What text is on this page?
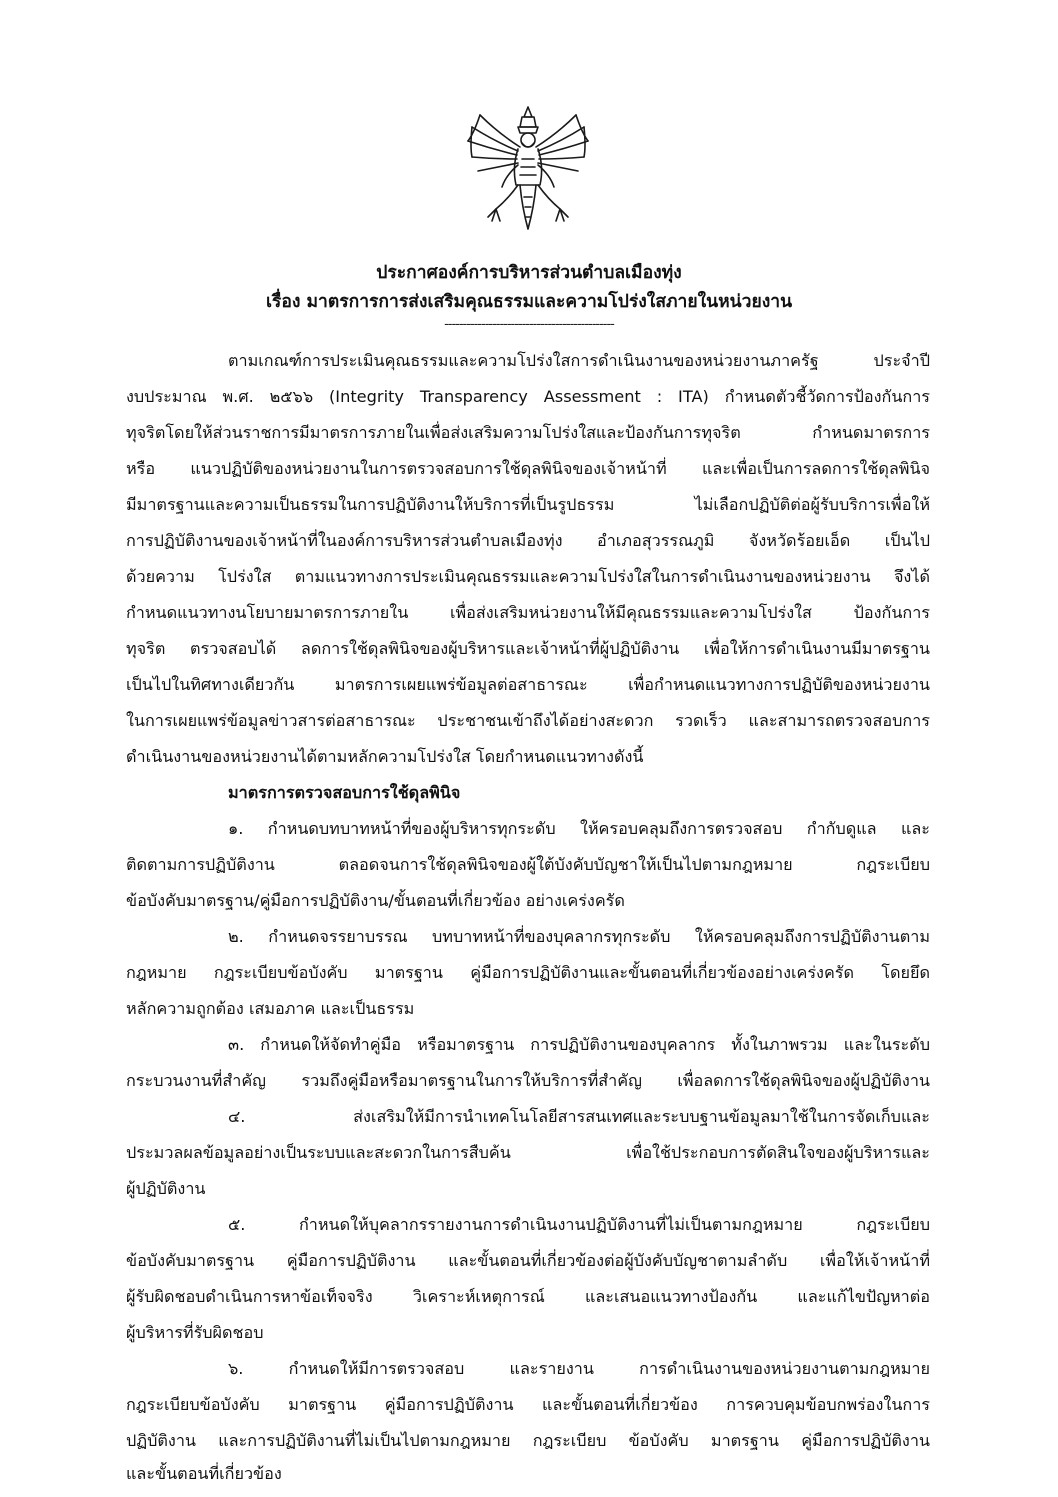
ประกาศองค์การบริหารส่วนตำบลเมืองทุ่ง
เรื่อง มาตรการการส่งเสริมคุณธรรมและความโปร่งใสภายในหน่วยงาน
----------------------------------------------
ตามเกณฑ์การประเมินคุณธรรมและความโปร่งใสการดำเนินงานของหน่วยงานภาครัฐ ประจำปี
งบประมาณ พ.ศ. ๒๕๖๖ (Integrity Transparency Assessment : ITA) กำหนดตัวชี้วัดการป้องกันการ
ทุจริตโดยให้ส่วนราชการมีมาตรการภายในเพื่อส่งเสริมความโปร่งใสและป้องกันการทุจริต กำหนดมาตรการ
หรือ แนวปฏิบัติของหน่วยงานในการตรวจสอบการใช้ดุลพินิจของเจ้าหน้าที่ และเพื่อเป็นการลดการใช้ดุลพินิจ
มีมาตรฐานและความเป็นธรรมในการปฏิบัติงานให้บริการที่เป็นรูปธรรม ไม่เลือกปฏิบัติต่อผู้รับบริการเพื่อให้
การปฏิบัติงานของเจ้าหน้าที่ในองค์การบริหารส่วนตำบลเมืองทุ่ง อำเภอสุวรรณภูมิ จังหวัดร้อยเอ็ด เป็นไป
ด้วยความ โปร่งใส ตามแนวทางการประเมินคุณธรรมและความโปร่งใสในการดำเนินงานของหน่วยงาน จึงได้
กำหนดแนวทางนโยบายมาตรการภายใน เพื่อส่งเสริมหน่วยงานให้มีคุณธรรมและความโปร่งใส ป้องกันการ
ทุจริต ตรวจสอบได้ ลดการใช้ดุลพินิจของผู้บริหารและเจ้าหน้าที่ผู้ปฏิบัติงาน เพื่อให้การดำเนินงานมีมาตรฐาน
เป็นไปในทิศทางเดียวกัน มาตรการเผยแพร่ข้อมูลต่อสาธารณะ เพื่อกำหนดแนวทางการปฏิบัติของหน่วยงาน
ในการเผยแพร่ข้อมูลข่าวสารต่อสาธารณะ ประชาชนเข้าถึงได้อย่างสะดวก รวดเร็ว และสามารถตรวจสอบการ
ดำเนินงานของหน่วยงานได้ตามหลักความโปร่งใส โดยกำหนดแนวทางดังนี้
มาตรการตรวจสอบการใช้ดุลพินิจ
๑. กำหนดบทบาทหน้าที่ของผู้บริหารทุกระดับ ให้ครอบคลุมถึงการตรวจสอบ กำกับดูแล และ
ติดตามการปฏิบัติงาน ตลอดจนการใช้ดุลพินิจของผู้ใต้บังคับบัญชาให้เป็นไปตามกฎหมาย กฎระเบียบ
ข้อบังคับมาตรฐาน/คู่มือการปฏิบัติงาน/ขั้นตอนที่เกี่ยวข้อง อย่างเคร่งครัด
๒. กำหนดจรรยาบรรณ บทบาทหน้าที่ของบุคลากรทุกระดับ ให้ครอบคลุมถึงการปฏิบัติงานตาม
กฎหมาย กฎระเบียบข้อบังคับ มาตรฐาน คู่มือการปฏิบัติงานและขั้นตอนที่เกี่ยวข้องอย่างเคร่งครัด โดยยึด
หลักความถูกต้อง เสมอภาค และเป็นธรรม
๓. กำหนดให้จัดทำคู่มือ หรือมาตรฐาน การปฏิบัติงานของบุคลากร ทั้งในภาพรวม และในระดับ
กระบวนงานที่สำคัญ รวมถึงคู่มือหรือมาตรฐานในการให้บริการที่สำคัญ เพื่อลดการใช้ดุลพินิจของผู้ปฏิบัติงาน
๔. ส่งเสริมให้มีการนำเทคโนโลยีสารสนเทศและระบบฐานข้อมูลมาใช้ในการจัดเก็บและ
ประมวลผลข้อมูลอย่างเป็นระบบและสะดวกในการสืบค้น เพื่อใช้ประกอบการตัดสินใจของผู้บริหารและ
ผู้ปฏิบัติงาน
๕. กำหนดให้บุคลากรรายงานการดำเนินงานปฏิบัติงานที่ไม่เป็นตามกฎหมาย กฎระเบียบ
ข้อบังคับมาตรฐาน คู่มือการปฏิบัติงาน และขั้นตอนที่เกี่ยวข้องต่อผู้บังคับบัญชาตามลำดับ เพื่อให้เจ้าหน้าที่
ผู้รับผิดชอบดำเนินการหาข้อเท็จจริง วิเคราะห์เหตุการณ์ และเสนอแนวทางป้องกัน และแก้ไขปัญหาต่อ
ผู้บริหารที่รับผิดชอบ
๖. กำหนดให้มีการตรวจสอบ และรายงาน การดำเนินงานของหน่วยงานตามกฎหมาย
กฎระเบียบข้อบังคับ มาตรฐาน คู่มือการปฏิบัติงาน และขั้นตอนที่เกี่ยวข้อง การควบคุมข้อบกพร่องในการ
ปฏิบัติงาน และการปฏิบัติงานที่ไม่เป็นไปตามกฎหมาย กฎระเบียบ ข้อบังคับ มาตรฐาน คู่มือการปฏิบัติงาน
และขั้นตอนที่เกี่ยวข้อง
